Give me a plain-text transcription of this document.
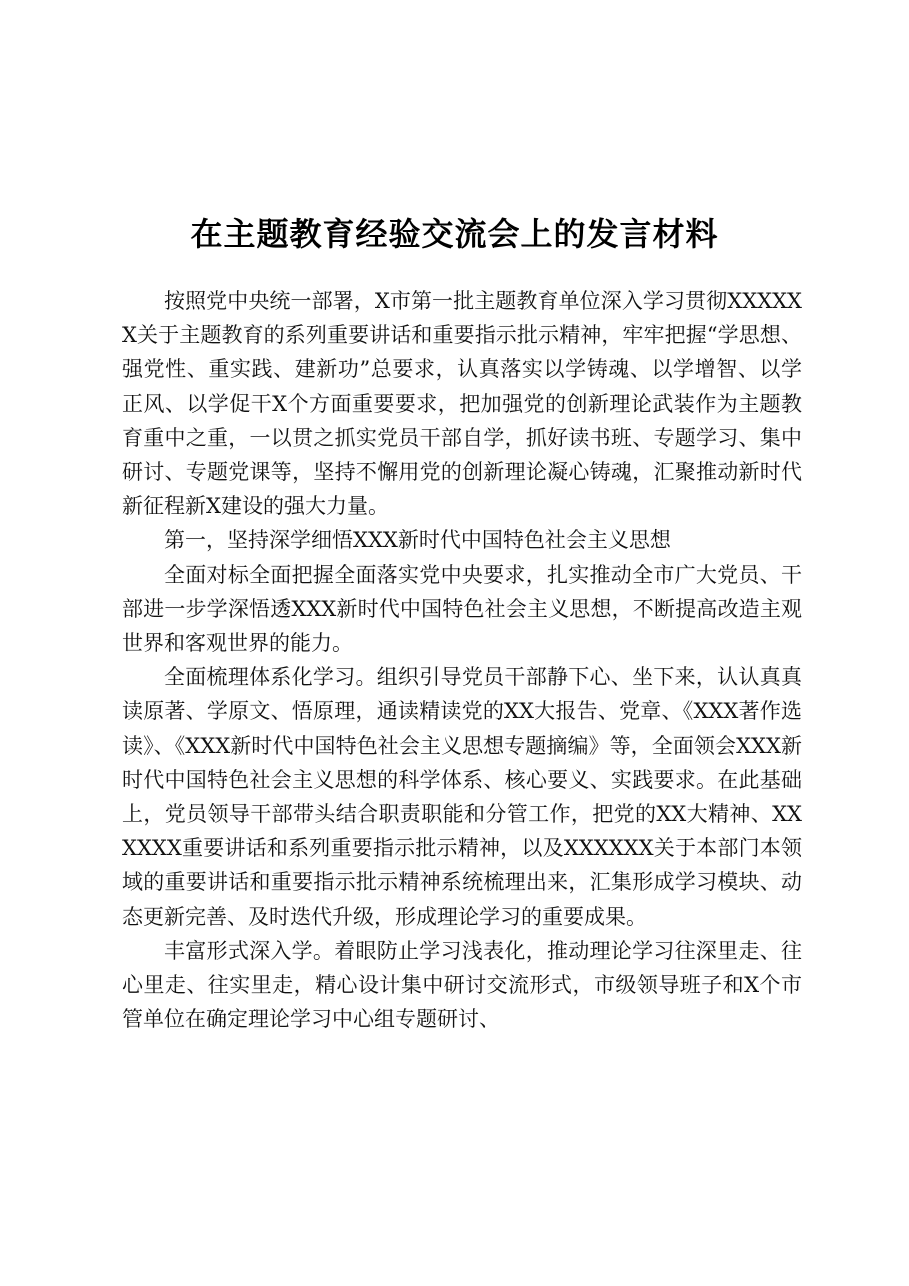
在主题教育经验交流会上的发言材料

按照党中央统一部署，X市第一批主题教育单位深入学习贯彻XXXXXX关于主题教育的系列重要讲话和重要指示批示精神，牢牢把握“学思想、强党性、重实践、建新功”总要求，认真落实以学铸魂、以学增智、以学正风、以学促干X个方面重要要求，把加强党的创新理论武装作为主题教育重中之重，一以贯之抓实党员干部自学，抓好读书班、专题学习、集中研讨、专题党课等，坚持不懈用党的创新理论凝心铸魂，汇聚推动新时代新征程新X建设的强大力量。

第一，坚持深学细悟XXX新时代中国特色社会主义思想

全面对标全面把握全面落实党中央要求，扎实推动全市广大党员、干部进一步学深悟透XXX新时代中国特色社会主义思想，不断提高改造主观世界和客观世界的能力。

全面梳理体系化学习。组织引导党员干部静下心、坐下来，认认真真读原著、学原文、悟原理，通读精读党的XX大报告、党章、《XXX著作选读》、《XXX新时代中国特色社会主义思想专题摘编》等，全面领会XXX新时代中国特色社会主义思想的科学体系、核心要义、实践要求。在此基础上，党员领导干部带头结合职责职能和分管工作，把党的XX大精神、XXXXXX重要讲话和系列重要指示批示精神，以及XXXXXX关于本部门本领域的重要讲话和重要指示批示精神系统梳理出来，汇集形成学习模块、动态更新完善、及时迭代升级，形成理论学习的重要成果。

丰富形式深入学。着眼防止学习浅表化，推动理论学习往深里走、往心里走、往实里走，精心设计集中研讨交流形式，市级领导班子和X个市管单位在确定理论学习中心组专题研讨、
